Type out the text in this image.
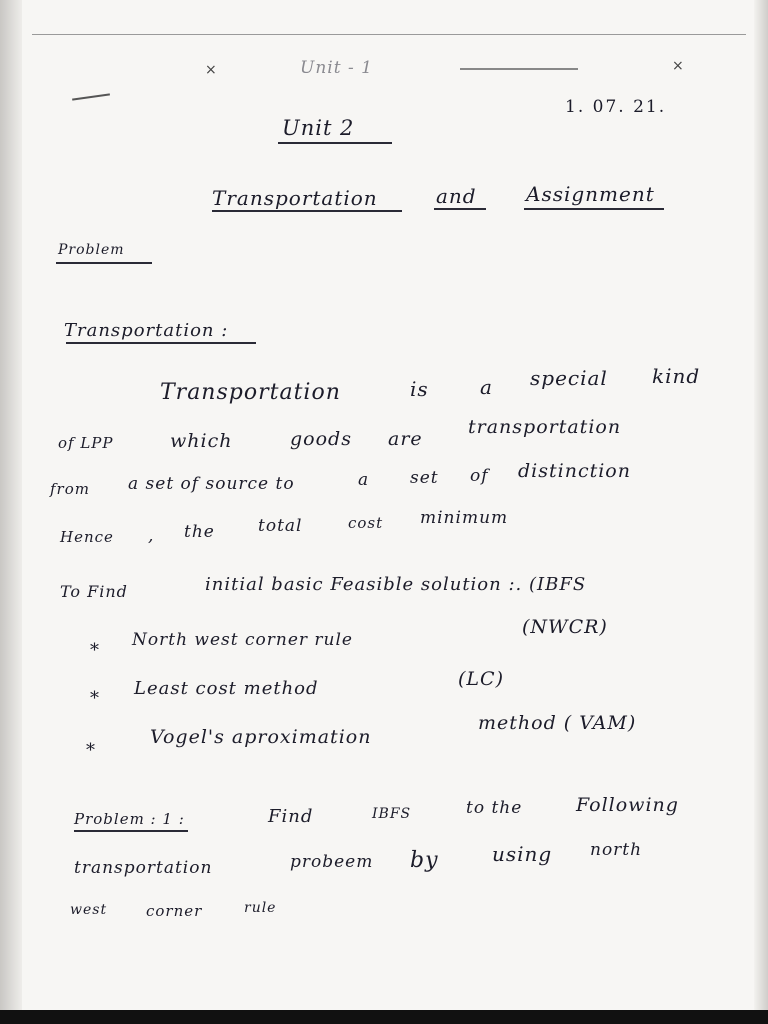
×	Unit - 1	×
1. 07. 21.
Unit 2
Transportation	and Assignment
Problem
Transportation :
Transportation	is	a special kind
of LPP	which	goods are
transportation
from a set of source to	a set of distinction
Hence , the	total	cost minimum
To Find	initial basic Feasible solution :. (IBFS
* North west corner rule
(NWCR)
* Least cost method	(LC)
*
Vogel's aproximation
method ( VAM)
Problem : 1 :	Find	IBFS	to the	Following
transportation	probeem by	using north
west	corner	rule
